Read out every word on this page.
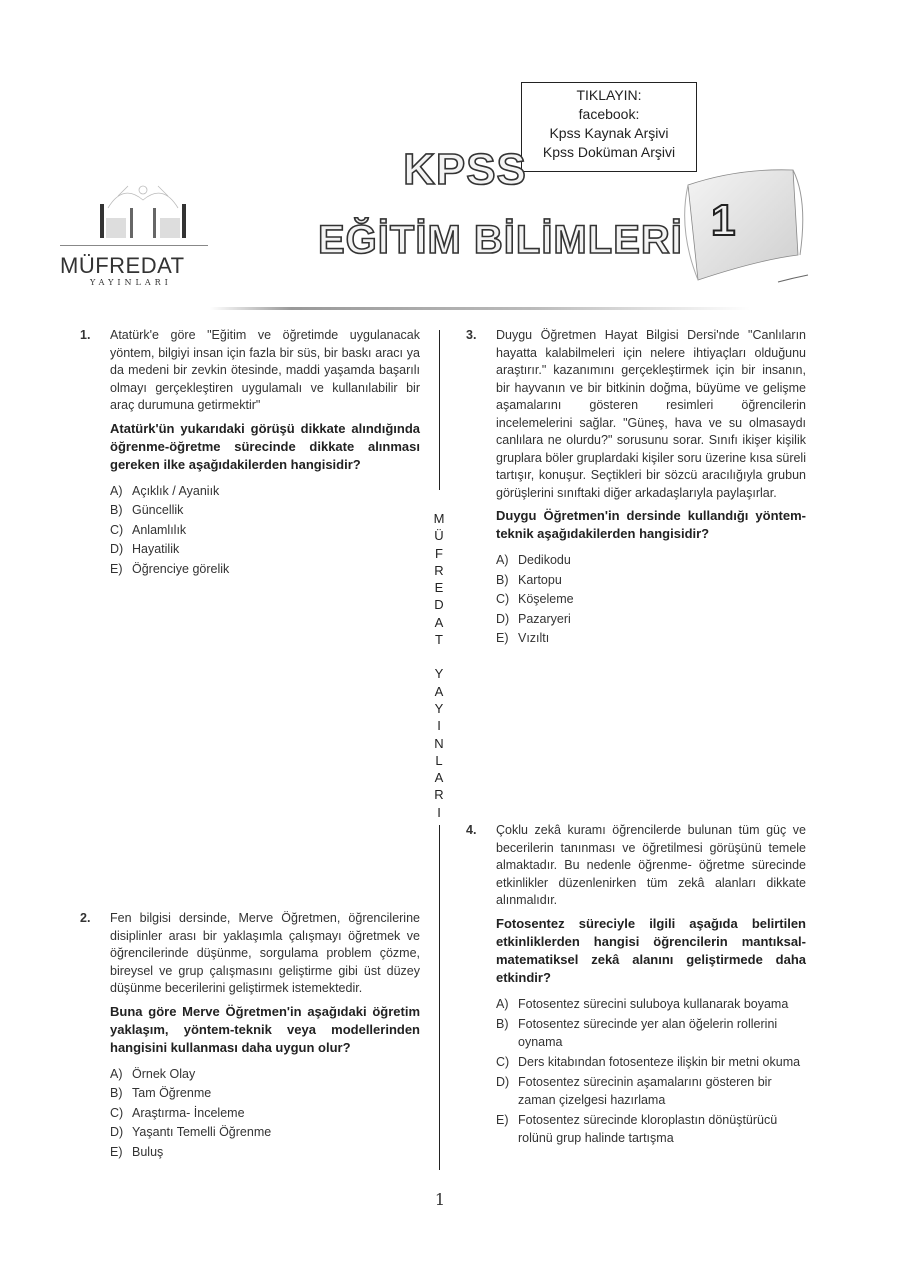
TIKLAYIN:
facebook:
Kpss Kaynak Arşivi
Kpss Doküman Arşivi
MÜFREDAT
YAYINLARI
KPSS
EĞİTİM BİLİMLERİ 1
M
Ü
F
R
E
D
A
T
Y
A
Y
I
N
L
A
R
I
1. Atatürk'e göre "Eğitim ve öğretimde uygulanacak yöntem, bilgiyi insan için fazla bir süs, bir baskı aracı ya da medeni bir zevkin ötesinde, maddi yaşamda başarılı olmayı gerçekleştiren uygulamalı ve kullanılabilir bir araç durumuna getirmektir"

Atatürk'ün yukarıdaki görüşü dikkate alındığında öğrenme-öğretme sürecinde dikkate alınması gereken ilke aşağıdakilerden hangisidir?

A) Açıklık / Ayaniık
B) Güncellik
C) Anlamlılık
D) Hayatilik
E) Öğrenciye görelik
2. Fen bilgisi dersinde, Merve Öğretmen, öğrencilerine disiplinler arası bir yaklaşımla çalışmayı öğretmek ve öğrencilerinde düşünme, sorgulama problem çözme, bireysel ve grup çalışmasını geliştirme gibi üst düzey düşünme becerilerini geliştirmek istemektedir.

Buna göre Merve Öğretmen'in aşağıdaki öğretim yaklaşım, yöntem-teknik veya modellerinden hangisini kullanması daha uygun olur?

A) Örnek Olay
B) Tam Öğrenme
C) Araştırma- İnceleme
D) Yaşantı Temelli Öğrenme
E) Buluş
3. Duygu Öğretmen Hayat Bilgisi Dersi'nde "Canlıların hayatta kalabilmeleri için nelere ihtiyaçları olduğunu araştırır." kazanımını gerçekleştirmek için bir insanın, bir hayvanın ve bir bitkinin doğma, büyüme ve gelişme aşamalarını gösteren resimleri öğrencilerin incelemelerini sağlar. "Güneş, hava ve su olmasaydı canlılara ne olurdu?" sorusunu sorar. Sınıfı ikişer kişilik gruplara böler gruplardaki kişiler soru üzerine kısa süreli tartışır, konuşur. Seçtikleri bir sözcü aracılığıyla grubun görüşlerini sınıftaki diğer arkadaşlarıyla paylaşırlar.

Duygu Öğretmen'in dersinde kullandığı yöntem-teknik aşağıdakilerden hangisidir?

A) Dedikodu
B) Kartopu
C) Köşeleme
D) Pazaryeri
E) Vızıltı
4. Çoklu zekâ kuramı öğrencilerde bulunan tüm güç ve becerilerin tanınması ve öğretilmesi görüşünü temele almaktadır. Bu nedenle öğrenme- öğretme sürecinde etkinlikler düzenlenirken tüm zekâ alanları dikkate alınmalıdır.

Fotosentez süreciyle ilgili aşağıda belirtilen etkinliklerden hangisi öğrencilerin mantıksal-matematiksel zekâ alanını geliştirmede daha etkindir?

A) Fotosentez sürecini suluboya kullanarak boyama
B) Fotosentez sürecinde yer alan öğelerin rollerini oynama
C) Ders kitabından fotosenteze ilişkin bir metni okuma
D) Fotosentez sürecinin aşamalarını gösteren bir zaman çizelgesi hazırlama
E) Fotosentez sürecinde kloroplastın dönüştürücü rolünü grup halinde tartışma
1
